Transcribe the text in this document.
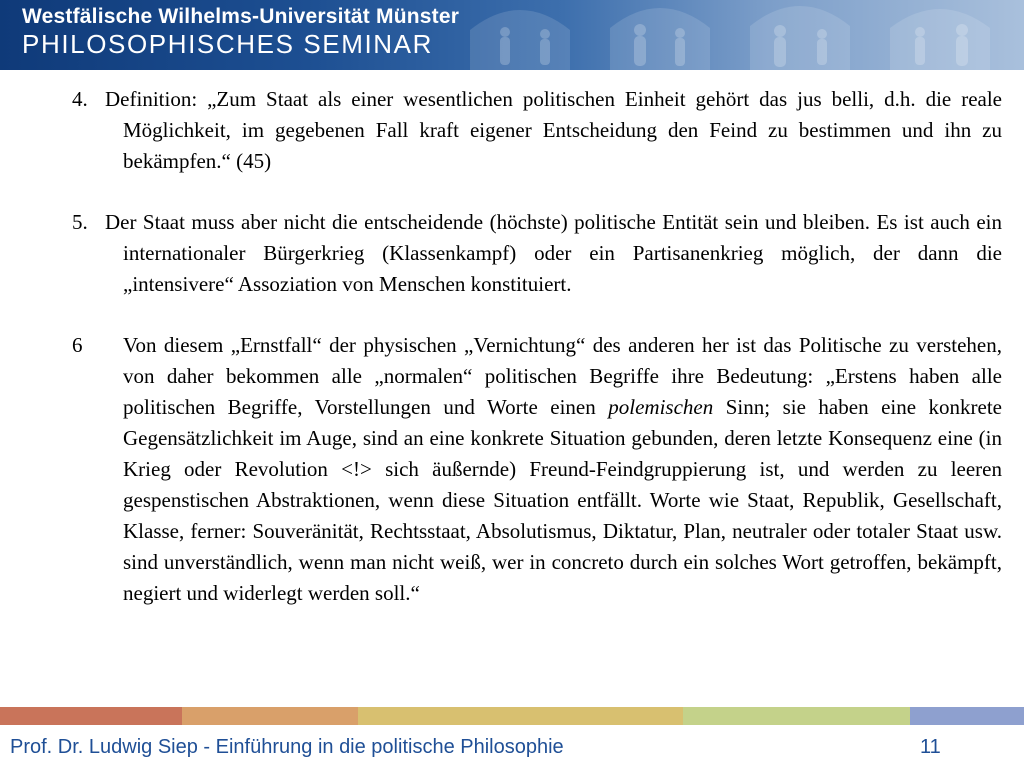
Westfälische Wilhelms-Universität Münster
PHILOSOPHISCHES SEMINAR

4. Definition: „Zum Staat als einer wesentlichen politischen Einheit gehört das jus belli, d.h. die reale Möglichkeit, im gegebenen Fall kraft eigener Entscheidung den Feind zu bestimmen und ihn zu bekämpfen.“ (45)

5. Der Staat muss aber nicht die entscheidende (höchste) politische Entität sein und bleiben. Es ist auch ein internationaler Bürgerkrieg (Klassenkampf) oder ein Partisanenkrieg möglich, der dann die „intensivere“ Assoziation von Menschen konstituiert.

6 Von diesem „Ernstfall“ der physischen „Vernichtung“ des anderen her ist das Politische zu verstehen, von daher bekommen alle „normalen“ politischen Begriffe ihre Bedeutung: „Erstens haben alle politischen Begriffe, Vorstellungen und Worte einen polemischen Sinn; sie haben eine konkrete Gegensätzlichkeit im Auge, sind an eine konkrete Situation gebunden, deren letzte Konsequenz eine (in Krieg oder Revolution <!> sich äußernde) Freund-Feindgruppierung ist, und werden zu leeren gespenstischen Abstraktionen, wenn diese Situation entfällt. Worte wie Staat, Republik, Gesellschaft, Klasse, ferner: Souveränität, Rechtsstaat, Absolutismus, Diktatur, Plan, neutraler oder totaler Staat usw. sind unverständlich, wenn man nicht weiß, wer in concreto durch ein solches Wort getroffen, bekämpft, negiert und widerlegt werden soll.“

Prof. Dr. Ludwig Siep - Einführung in die politische Philosophie	11
